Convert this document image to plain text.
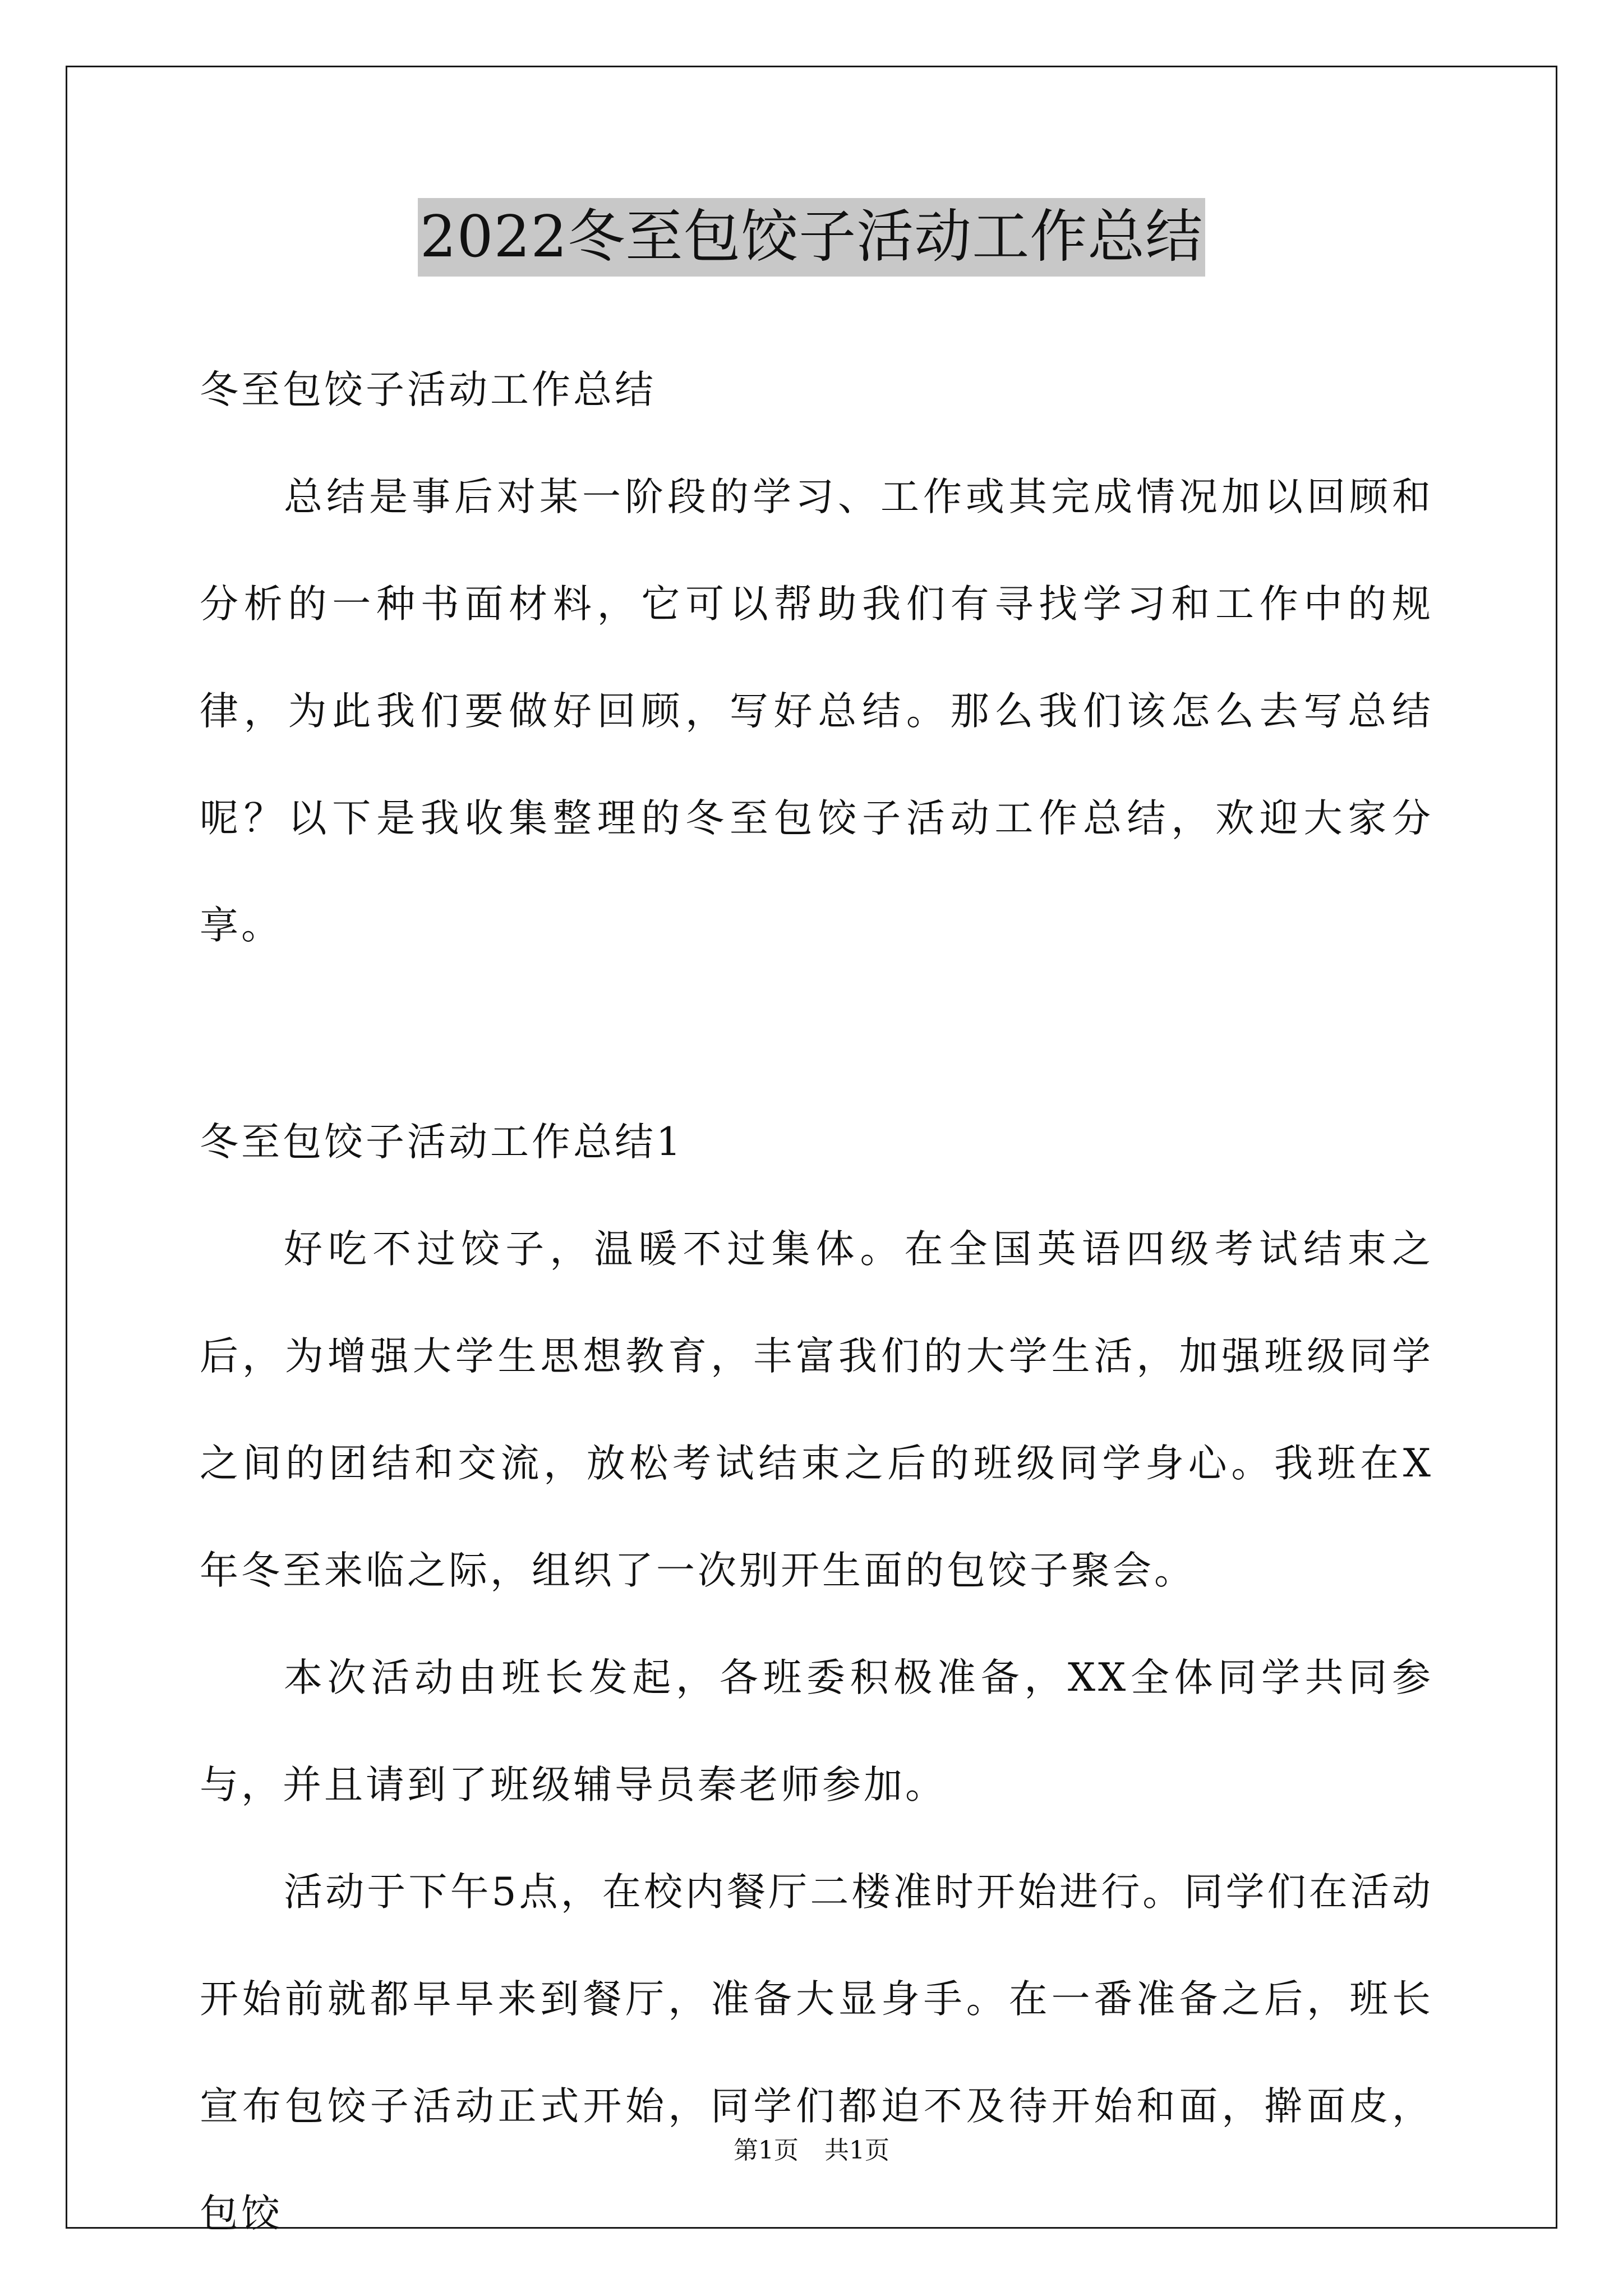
2022冬至包饺子活动工作总结

冬至包饺子活动工作总结

总结是事后对某一阶段的学习、工作或其完成情况加以回顾和分析的一种书面材料，它可以帮助我们有寻找学习和工作中的规律，为此我们要做好回顾，写好总结。那么我们该怎么去写总结呢？以下是我收集整理的冬至包饺子活动工作总结，欢迎大家分享。

冬至包饺子活动工作总结1

好吃不过饺子，温暖不过集体。在全国英语四级考试结束之后，为增强大学生思想教育，丰富我们的大学生活，加强班级同学之间的团结和交流，放松考试结束之后的班级同学身心。我班在X年冬至来临之际，组织了一次别开生面的包饺子聚会。

本次活动由班长发起，各班委积极准备，XX全体同学共同参与，并且请到了班级辅导员秦老师参加。

活动于下午5点，在校内餐厅二楼准时开始进行。同学们在活动开始前就都早早来到餐厅，准备大显身手。在一番准备之后，班长宣布包饺子活动正式开始，同学们都迫不及待开始和面，擀面皮，包饺

第1页 共1页
